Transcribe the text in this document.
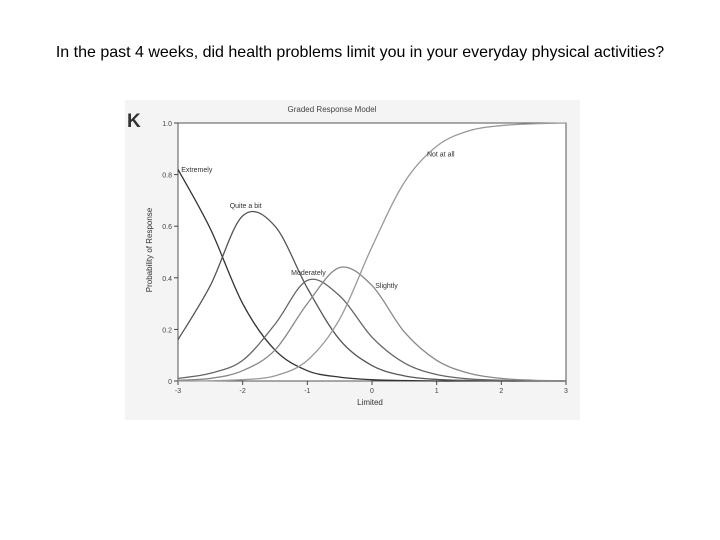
In the past 4 weeks, did health problems limit you in your everyday physical activities?
K
Graded Response Model
Limited
Probability of Response
0
0.2
0.4
0.6
0.8
1.0
-3	-2	-1	0	1	2	3
Extremely
Quite a bit
Moderately
Slightly
Not at all
